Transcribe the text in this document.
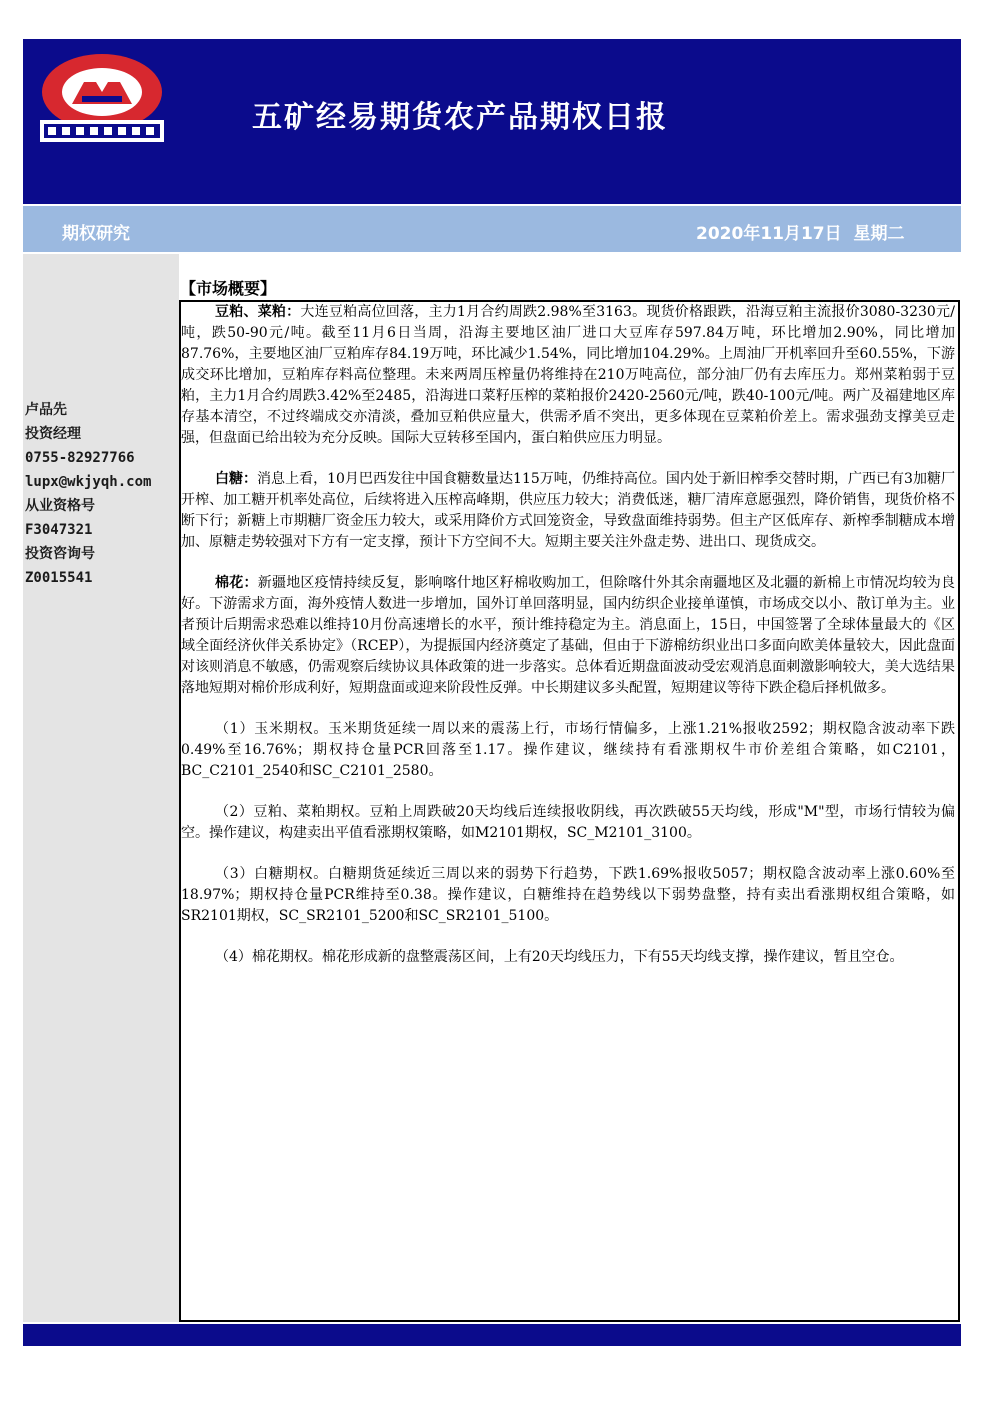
五矿经易期货农产品期权日报
期权研究	2020年11月17日 星期二
卢品先
投资经理
0755-82927766
lupx@wkjyqh.com
从业资格号
F3047321
投资咨询号
Z0015541
【市场概要】

豆粕、菜粕：大连豆粕高位回落，主力1月合约周跌2.98%至3163。现货价格跟跌，沿海豆粕主流报价3080-3230元/吨，跌50-90元/吨。截至11月6日当周，沿海主要地区油厂进口大豆库存597.84万吨，环比增加2.90%，同比增加87.76%，主要地区油厂豆粕库存84.19万吨，环比减少1.54%，同比增加104.29%。上周油厂开机率回升至60.55%，下游成交环比增加，豆粕库存料高位整理。未来两周压榨量仍将维持在210万吨高位，部分油厂仍有去库压力。郑州菜粕弱于豆粕，主力1月合约周跌3.42%至2485，沿海进口菜籽压榨的菜粕报价2420-2560元/吨，跌40-100元/吨。两广及福建地区库存基本清空，不过终端成交亦清淡，叠加豆粕供应量大，供需矛盾不突出，更多体现在豆菜粕价差上。需求强劲支撑美豆走强，但盘面已给出较为充分反映。国际大豆转移至国内，蛋白粕供应压力明显。

白糖：消息上看，10月巴西发往中国食糖数量达115万吨，仍维持高位。国内处于新旧榨季交替时期，广西已有3加糖厂开榨、加工糖开机率处高位，后续将进入压榨高峰期，供应压力较大；消费低迷，糖厂清库意愿强烈，降价销售，现货价格不断下行；新糖上市期糖厂资金压力较大，或采用降价方式回笼资金，导致盘面维持弱势。但主产区低库存、新榨季制糖成本增加、原糖走势较强对下方有一定支撑，预计下方空间不大。短期主要关注外盘走势、进出口、现货成交。

棉花：新疆地区疫情持续反复，影响喀什地区籽棉收购加工，但除喀什外其余南疆地区及北疆的新棉上市情况均较为良好。下游需求方面，海外疫情人数进一步增加，国外订单回落明显，国内纺织企业接单谨慎，市场成交以小、散订单为主。业者预计后期需求恐难以维持10月份高速增长的水平，预计维持稳定为主。消息面上，15日，中国签署了全球体量最大的《区域全面经济伙伴关系协定》（RCEP），为提振国内经济奠定了基础，但由于下游棉纺织业出口多面向欧美体量较大，因此盘面对该则消息不敏感，仍需观察后续协议具体政策的进一步落实。总体看近期盘面波动受宏观消息面刺激影响较大，美大选结果落地短期对棉价形成利好，短期盘面或迎来阶段性反弹。中长期建议多头配置，短期建议等待下跌企稳后择机做多。

（1）玉米期权。玉米期货延续一周以来的震荡上行，市场行情偏多，上涨1.21%报收2592；期权隐含波动率下跌0.49%至16.76%；期权持仓量PCR回落至1.17。操作建议，继续持有看涨期权牛市价差组合策略，如C2101，BC_C2101_2540和SC_C2101_2580。

（2）豆粕、菜粕期权。豆粕上周跌破20天均线后连续报收阴线，再次跌破55天均线，形成"M"型，市场行情较为偏空。操作建议，构建卖出平值看涨期权策略，如M2101期权，SC_M2101_3100。

（3）白糖期权。白糖期货延续近三周以来的弱势下行趋势，下跌1.69%报收5057；期权隐含波动率上涨0.60%至18.97%；期权持仓量PCR维持至0.38。操作建议，白糖维持在趋势线以下弱势盘整，持有卖出看涨期权组合策略，如SR2101期权，SC_SR2101_5200和SC_SR2101_5100。

（4）棉花期权。棉花形成新的盘整震荡区间，上有20天均线压力，下有55天均线支撑，操作建议，暂且空仓。
